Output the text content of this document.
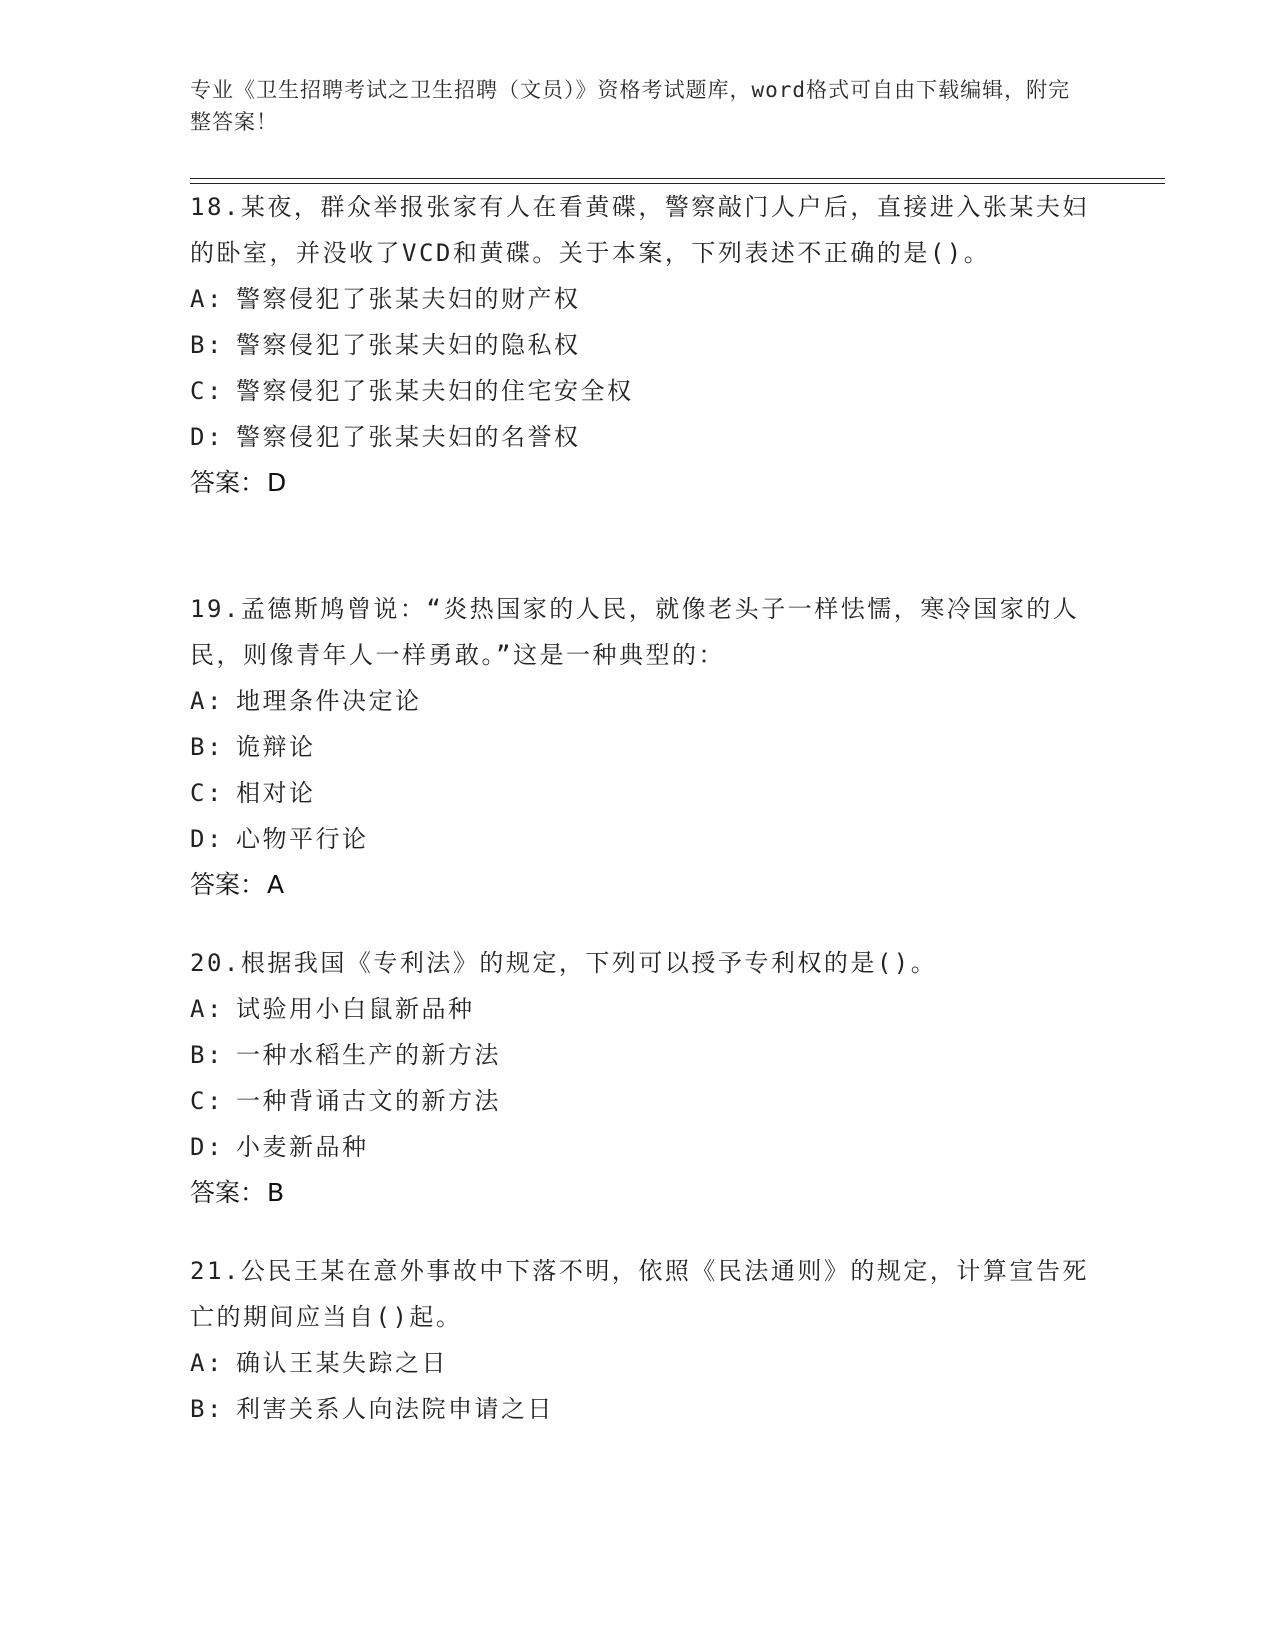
专业《卫生招聘考试之卫生招聘（文员）》资格考试题库，word格式可自由下载编辑，附完整答案！

18.某夜，群众举报张家有人在看黄碟，警察敲门人户后，直接进入张某夫妇的卧室，并没收了VCD和黄碟。关于本案，下列表述不正确的是()。

A: 警察侵犯了张某夫妇的财产权

B: 警察侵犯了张某夫妇的隐私权

C: 警察侵犯了张某夫妇的住宅安全权

D: 警察侵犯了张某夫妇的名誉权

答案：D

19.孟德斯鸠曾说：“炎热国家的人民，就像老头子一样怯懦，寒冷国家的人民，则像青年人一样勇敢。”这是一种典型的：

A: 地理条件决定论

B: 诡辩论

C: 相对论

D: 心物平行论

答案：A

20.根据我国《专利法》的规定，下列可以授予专利权的是()。

A: 试验用小白鼠新品种

B: 一种水稻生产的新方法

C: 一种背诵古文的新方法

D: 小麦新品种

答案：B

21.公民王某在意外事故中下落不明，依照《民法通则》的规定，计算宣告死亡的期间应当自()起。

A: 确认王某失踪之日

B: 利害关系人向法院申请之日
